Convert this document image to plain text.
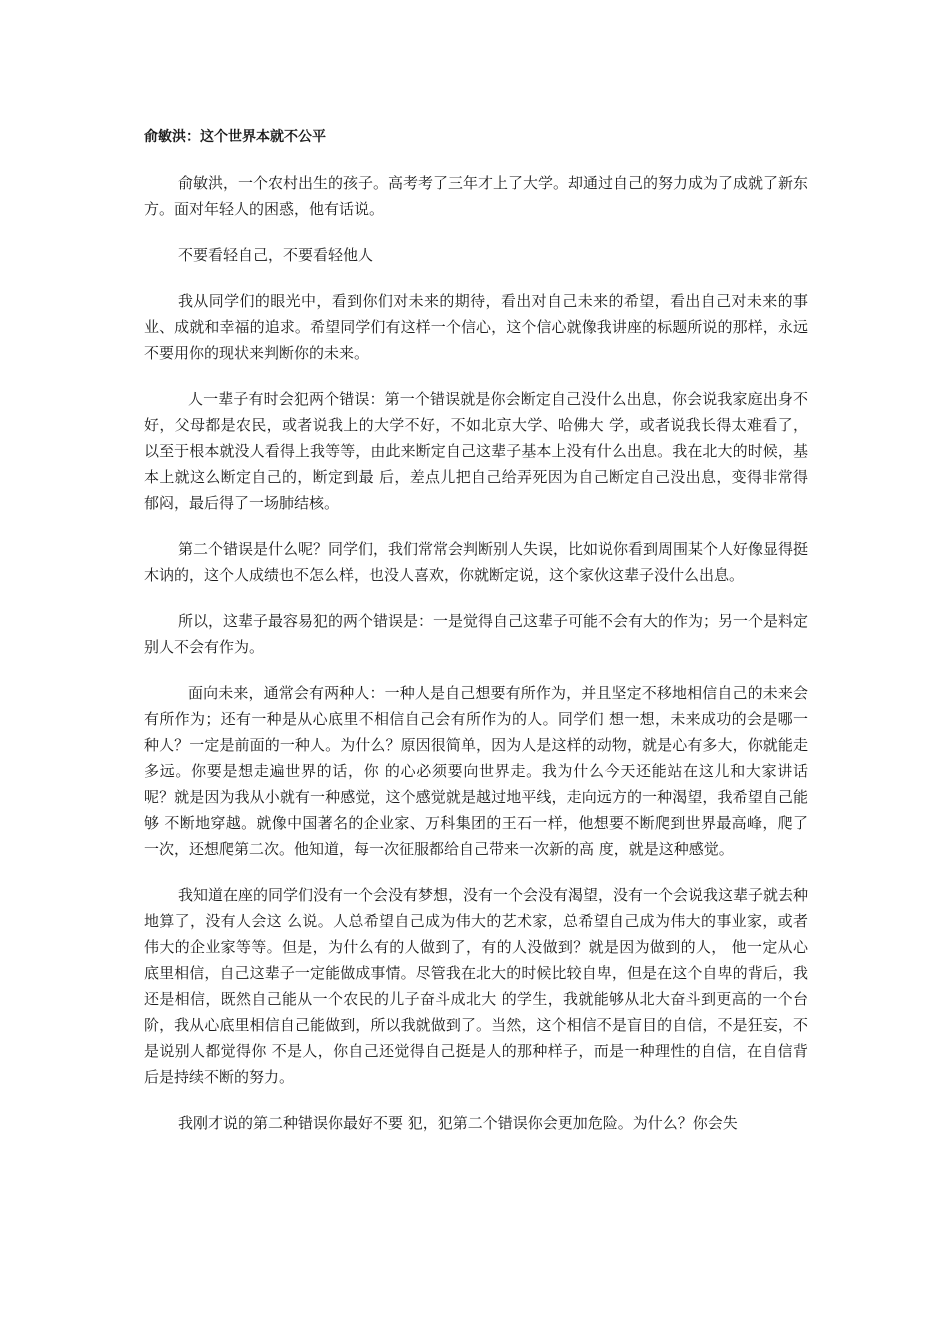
俞敏洪：这个世界本就不公平

俞敏洪，一个农村出生的孩子。高考考了三年才上了大学。却通过自己的努力成为了成就了新东方。面对年轻人的困惑，他有话说。

不要看轻自己，不要看轻他人

我从同学们的眼光中，看到你们对未来的期待，看出对自己未来的希望，看出自己对未来的事业、成就和幸福的追求。希望同学们有这样一个信心，这个信心就像我讲座的标题所说的那样，永远不要用你的现状来判断你的未来。

人一辈子有时会犯两个错误：第一个错误就是你会断定自己没什么出息，你会说我家庭出身不好，父母都是农民，或者说我上的大学不好，不如北京大学、哈佛大 学，或者说我长得太难看了，以至于根本就没人看得上我等等，由此来断定自己这辈子基本上没有什么出息。我在北大的时候，基本上就这么断定自己的，断定到最 后，差点儿把自己给弄死因为自己断定自己没出息，变得非常得郁闷，最后得了一场肺结核。

第二个错误是什么呢？同学们，我们常常会判断别人失误，比如说你看到周围某个人好像显得挺木讷的，这个人成绩也不怎么样，也没人喜欢，你就断定说，这个家伙这辈子没什么出息。

所以，这辈子最容易犯的两个错误是：一是觉得自己这辈子可能不会有大的作为；另一个是料定别人不会有作为。

面向未来，通常会有两种人：一种人是自己想要有所作为，并且坚定不移地相信自己的未来会有所作为；还有一种是从心底里不相信自己会有所作为的人。同学们 想一想，未来成功的会是哪一种人？一定是前面的一种人。为什么？原因很简单，因为人是这样的动物，就是心有多大，你就能走多远。你要是想走遍世界的话，你 的心必须要向世界走。我为什么今天还能站在这儿和大家讲话呢？就是因为我从小就有一种感觉，这个感觉就是越过地平线，走向远方的一种渴望，我希望自己能够 不断地穿越。就像中国著名的企业家、万科集团的王石一样，他想要不断爬到世界最高峰，爬了一次，还想爬第二次。他知道，每一次征服都给自己带来一次新的高 度，就是这种感觉。

我知道在座的同学们没有一个会没有梦想，没有一个会没有渴望，没有一个会说我这辈子就去种地算了，没有人会这 么说。人总希望自己成为伟大的艺术家，总希望自己成为伟大的事业家，或者伟大的企业家等等。但是，为什么有的人做到了，有的人没做到？就是因为做到的人， 他一定从心底里相信，自己这辈子一定能做成事情。尽管我在北大的时候比较自卑，但是在这个自卑的背后，我还是相信，既然自己能从一个农民的儿子奋斗成北大 的学生，我就能够从北大奋斗到更高的一个台阶，我从心底里相信自己能做到，所以我就做到了。当然，这个相信不是盲目的自信，不是狂妄，不是说别人都觉得你 不是人，你自己还觉得自己挺是人的那种样子，而是一种理性的自信，在自信背后是持续不断的努力。

我刚才说的第二种错误你最好不要 犯，犯第二个错误你会更加危险。为什么？你会失
